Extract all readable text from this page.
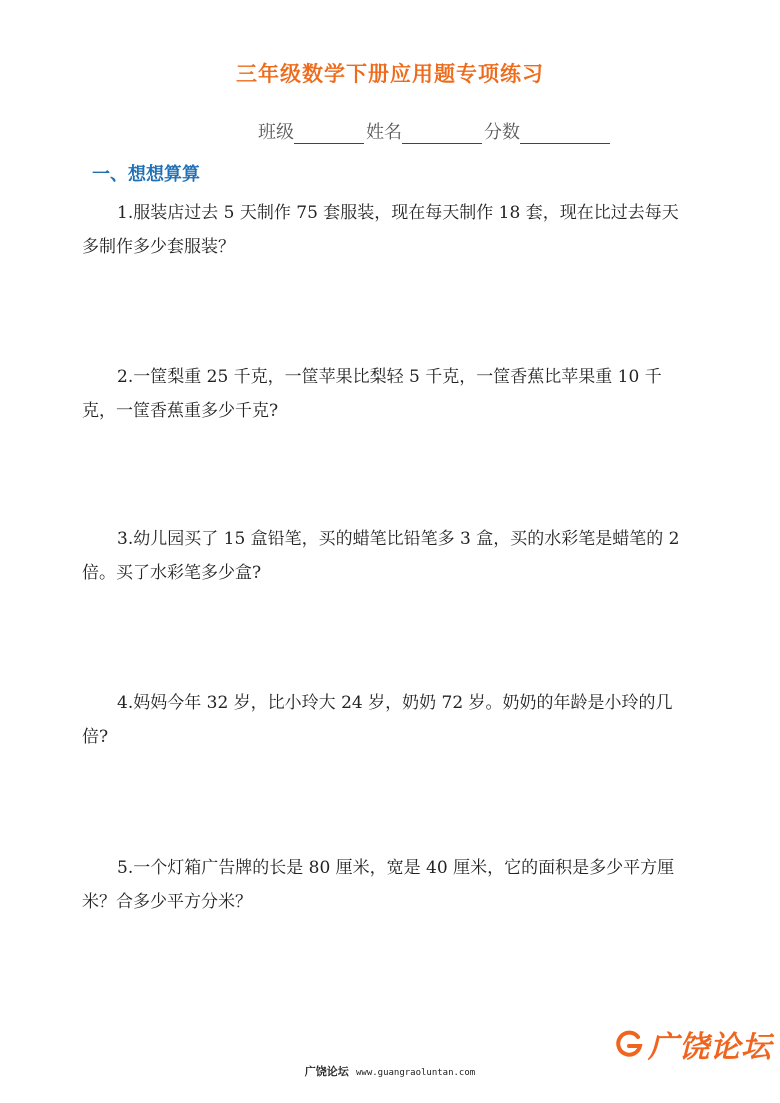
三年级数学下册应用题专项练习
班级	姓名	分数
一、想想算算
1.服装店过去 5 天制作 75 套服装，现在每天制作 18 套，现在比过去每天多制作多少套服装？
2.一筐梨重 25 千克，一筐苹果比梨轻 5 千克，一筐香蕉比苹果重 10 千克，一筐香蕉重多少千克?
3.幼儿园买了 15 盒铅笔，买的蜡笔比铅笔多 3 盒，买的水彩笔是蜡笔的 2 倍。买了水彩笔多少盒?
4.妈妈今年 32 岁，比小玲大 24 岁，奶奶 72 岁。奶奶的年龄是小玲的几倍?
5.一个灯箱广告牌的长是 80 厘米，宽是 40 厘米，它的面积是多少平方厘米？合多少平方分米？
广饶论坛
广饶论坛 www.guangraoluntan.com
